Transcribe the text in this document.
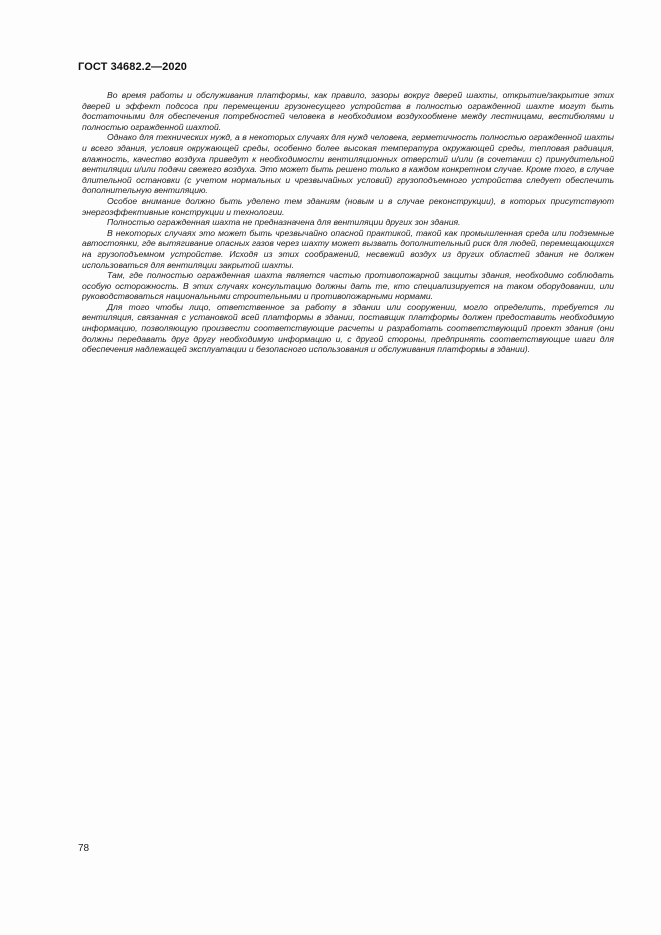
ГОСТ 34682.2—2020

Во время работы и обслуживания платформы, как правило, зазоры вокруг дверей шахты, открытие/закрытие этих дверей и эффект подсоса при перемещении грузонесущего устройства в полностью огражденной шахте могут быть достаточными для обеспечения потребностей человека в необходимом воздухообмене между лестницами, вестибюлями и полностью огражденной шахтой.

Однако для технических нужд, а в некоторых случаях для нужд человека, герметичность полностью огражденной шахты и всего здания, условия окружающей среды, особенно более высокая температура окружающей среды, тепловая радиация, влажность, качество воздуха приведут к необходимости вентиляционных отверстий и/или (в сочетании с) принудительной вентиляции и/или подачи свежего воздуха. Это может быть решено только в каждом конкретном случае. Кроме того, в случае длительной остановки (с учетом нормальных и чрезвычайных условий) грузоподъемного устройства следует обеспечить дополнительную вентиляцию.

Особое внимание должно быть уделено тем зданиям (новым и в случае реконструкции), в которых присутствуют энергоэффективные конструкции и технологии.

Полностью огражденная шахта не предназначена для вентиляции других зон здания.

В некоторых случаях это может быть чрезвычайно опасной практикой, такой как промышленная среда или подземные автостоянки, где вытягивание опасных газов через шахту может вызвать дополнительный риск для людей, перемещающихся на грузоподъемном устройстве. Исходя из этих соображений, несвежий воздух из других областей здания не должен использоваться для вентиляции закрытой шахты.

Там, где полностью огражденная шахта является частью противопожарной защиты здания, необходимо соблюдать особую осторожность. В этих случаях консультацию должны дать те, кто специализируется на таком оборудовании, или руководствоваться национальными строительными и противопожарными нормами.

Для того чтобы лицо, ответственное за работу в здании или сооружении, могло определить, требуется ли вентиляция, связанная с установкой всей платформы в здании, поставщик платформы должен предоставить необходимую информацию, позволяющую произвести соответствующие расчеты и разработать соответствующий проект здания (они должны передавать друг другу необходимую информацию и, с другой стороны, предпринять соответствующие шаги для обеспечения надлежащей эксплуатации и безопасного использования и обслуживания платформы в здании).

78
